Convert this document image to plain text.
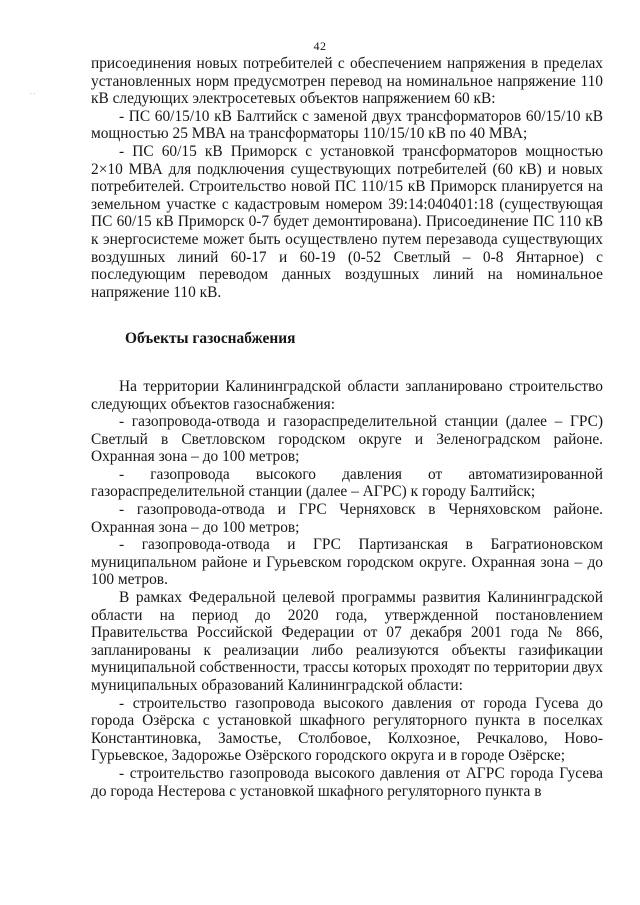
42
. .

присоединения новых потребителей с обеспечением напряжения в пределах установленных норм предусмотрен перевод на номинальное напряжение 110 кВ следующих электросетевых объектов напряжением 60 кВ:

- ПС 60/15/10 кВ Балтийск с заменой двух трансформаторов 60/15/10 кВ мощностью 25 МВА на трансформаторы 110/15/10 кВ по 40 МВА;

- ПС 60/15 кВ Приморск с установкой трансформаторов мощностью 2×10 МВА для подключения существующих потребителей (60 кВ) и новых потребителей. Строительство новой ПС 110/15 кВ Приморск планируется на земельном участке с кадастровым номером 39:14:040401:18 (существующая ПС 60/15 кВ Приморск 0-7 будет демонтирована). Присоединение ПС 110 кВ к энергосистеме может быть осуществлено путем перезавода существующих воздушных линий 60-17 и 60-19 (0-52 Светлый – 0-8 Янтарное) с последующим переводом данных воздушных линий на номинальное напряжение 110 кВ.

Объекты газоснабжения

На территории Калининградской области запланировано строительство следующих объектов газоснабжения:

- газопровода-отвода и газораспределительной станции (далее – ГРС) Светлый в Светловском городском округе и Зеленоградском районе. Охранная зона – до 100 метров;

- газопровода высокого давления от автоматизированной газораспределительной станции (далее – АГРС) к городу Балтийск;

- газопровода-отвода и ГРС Черняховск в Черняховском районе. Охранная зона – до 100 метров;

- газопровода-отвода и ГРС Партизанская в Багратионовском муниципальном районе и Гурьевском городском округе. Охранная зона – до 100 метров.

В рамках Федеральной целевой программы развития Калининградской области на период до 2020 года, утвержденной постановлением Правительства Российской Федерации от 07 декабря 2001 года № 866, запланированы к реализации либо реализуются объекты газификации муниципальной собственности, трассы которых проходят по территории двух муниципальных образований Калининградской области:

- строительство газопровода высокого давления от города Гусева до города Озёрска с установкой шкафного регуляторного пункта в поселках Константиновка, Замостье, Столбовое, Колхозное, Речкалово, Ново-Гурьевское, Задорожье Озёрского городского округа и в городе Озёрске;

- строительство газопровода высокого давления от АГРС города Гусева до города Нестерова с установкой шкафного регуляторного пункта в
